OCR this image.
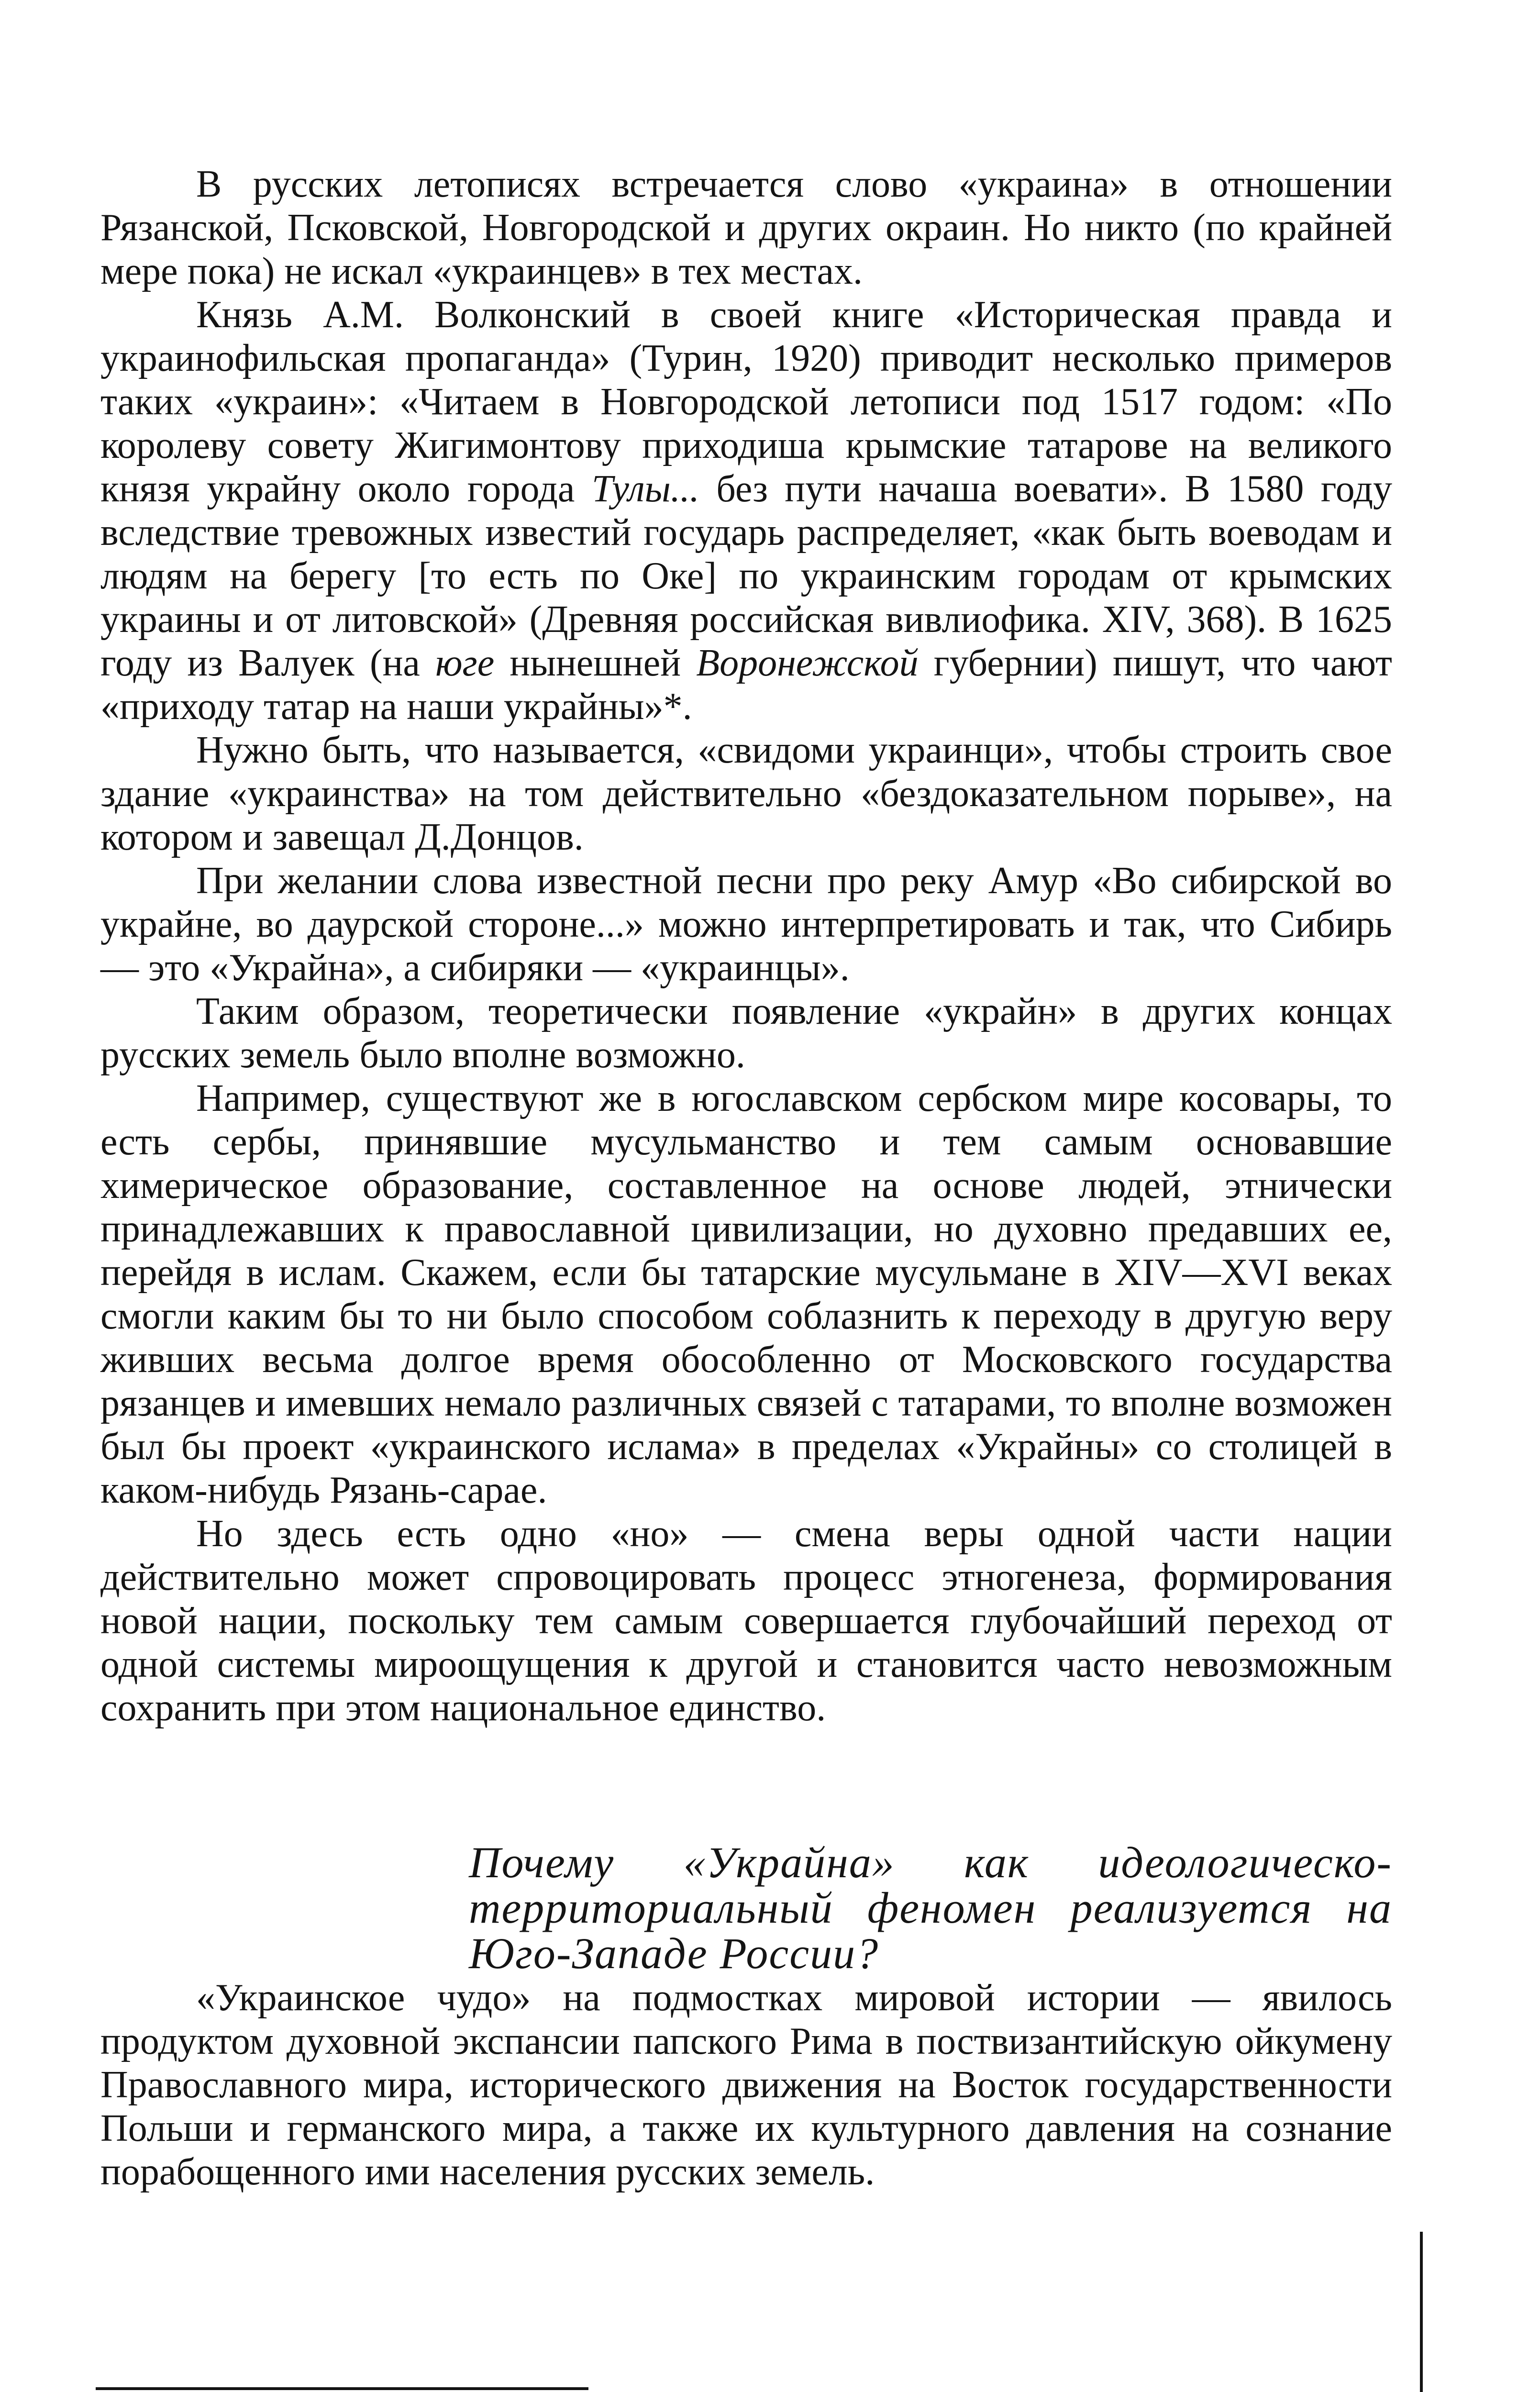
В русских летописях встречается слово «украина» в отношении Рязанской, Псковской, Новгородской и других окраин. Но никто (по крайней мере пока) не искал «украинцев» в тех местах.

Князь А.М. Волконский в своей книге «Историческая правда и украинофильская пропаганда» (Турин, 1920) приводит несколько примеров таких «украин»: «Читаем в Новгородской летописи под 1517 годом: «По королеву совету Жигимонтову приходиша крымские татарове на великого князя украйну около города Тулы... без пути начаша воевати». В 1580 году вследствие тревожных известий государь распределяет, «как быть воеводам и людям на берегу [то есть по Оке] по украинским городам от крымских украины и от литовской» (Древняя российская вивлиофика. XIV, 368). В 1625 году из Валуек (на юге нынешней Воронежской губернии) пишут, что чают «приходу татар на наши украйны»*.

Нужно быть, что называется, «свидоми украинци», чтобы строить свое здание «украинства» на том действительно «бездоказательном порыве», на котором и завещал Д.Донцов.

При желании слова известной песни про реку Амур «Во сибирской во украйне, во даурской стороне...» можно интерпретировать и так, что Сибирь — это «Украйна», а сибиряки — «украинцы».

Таким образом, теоретически появление «украйн» в других концах русских земель было вполне возможно.

Например, существуют же в югославском сербском мире косовары, то есть сербы, принявшие мусульманство и тем самым основавшие химерическое образование, составленное на основе людей, этнически принадлежавших к православной цивилизации, но духовно предавших ее, перейдя в ислам. Скажем, если бы татарские мусульмане в XIV—XVI веках смогли каким бы то ни было способом соблазнить к переходу в другую веру живших весьма долгое время обособленно от Московского государства рязанцев и имевших немало различных связей с татарами, то вполне возможен был бы проект «украинского ислама» в пределах «Украйны» со столицей в каком-нибудь Рязань-сарае.

Но здесь есть одно «но» — смена веры одной части нации действительно может спровоцировать процесс этногенеза, формирования новой нации, поскольку тем самым совершается глубочайший переход от одной системы мироощущения к другой и становится часто невозможным сохранить при этом национальное единство.

Почему «Украйна» как идеологическо-территориальный феномен реализуется на Юго-Западе России?

«Украинское чудо» на подмостках мировой истории — явилось продуктом духовной экспансии папского Рима в поствизантийскую ойкумену Православного мира, исторического движения на Восток государственности Польши и германского мира, а также их культурного давления на сознание порабощенного ими населения русских земель.
